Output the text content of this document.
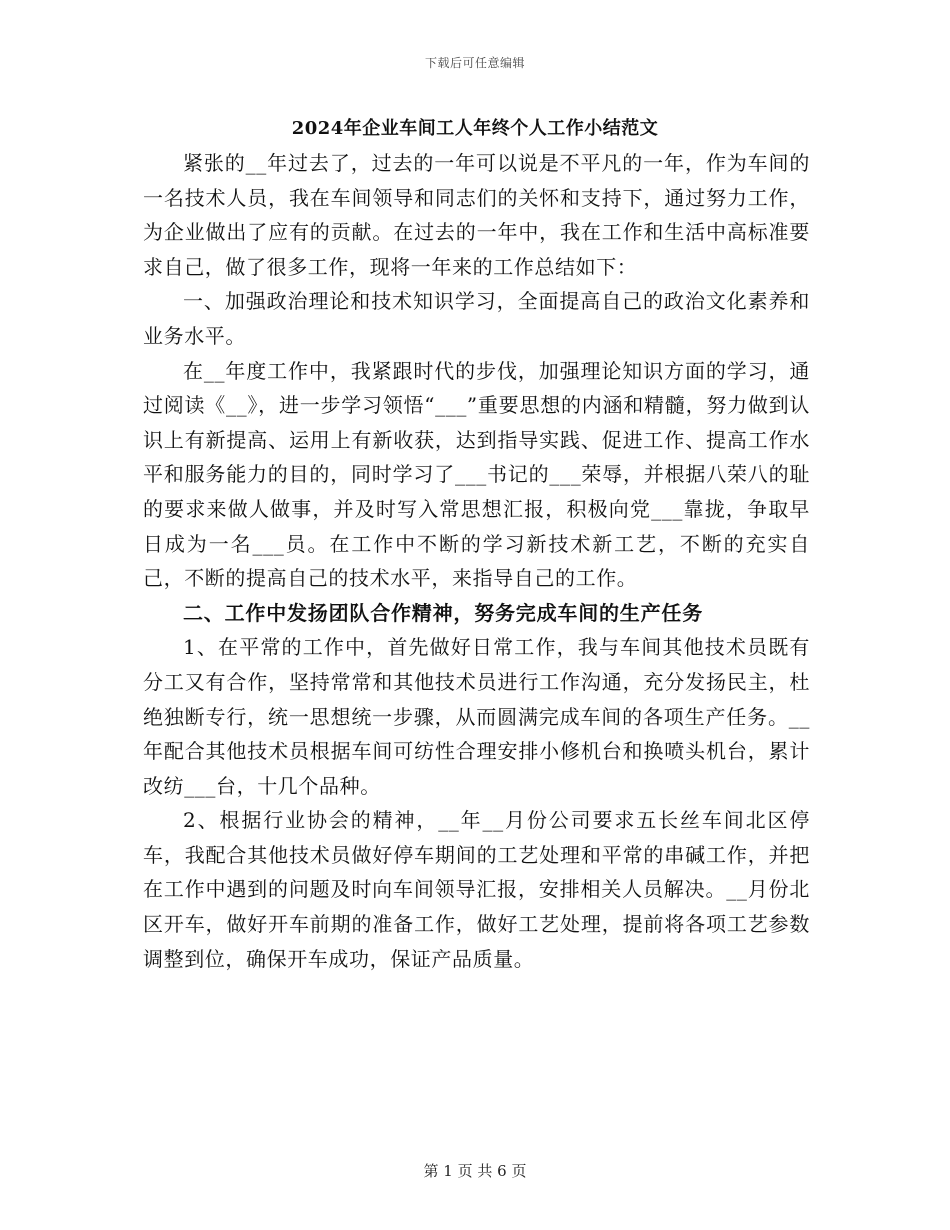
下载后可任意编辑
2024年企业车间工人年终个人工作小结范文

紧张的__年过去了，过去的一年可以说是不平凡的一年，作为车间的一名技术人员，我在车间领导和同志们的关怀和支持下，通过努力工作，为企业做出了应有的贡献。在过去的一年中，我在工作和生活中高标准要求自己，做了很多工作，现将一年来的工作总结如下：

一、加强政治理论和技术知识学习，全面提高自己的政治文化素养和业务水平。

在__年度工作中，我紧跟时代的步伐，加强理论知识方面的学习，通过阅读《__》，进一步学习领悟“___”重要思想的内涵和精髓，努力做到认识上有新提高、运用上有新收获，达到指导实践、促进工作、提高工作水平和服务能力的目的，同时学习了___书记的___荣辱，并根据八荣八的耻的要求来做人做事，并及时写入常思想汇报，积极向党___靠拢，争取早日成为一名___员。在工作中不断的学习新技术新工艺，不断的充实自己，不断的提高自己的技术水平，来指导自己的工作。

二、工作中发扬团队合作精神，努务完成车间的生产任务

1、在平常的工作中，首先做好日常工作，我与车间其他技术员既有分工又有合作，坚持常常和其他技术员进行工作沟通，充分发扬民主，杜绝独断专行，统一思想统一步骤，从而圆满完成车间的各项生产任务。__年配合其他技术员根据车间可纺性合理安排小修机台和换喷头机台，累计改纺___台，十几个品种。

2、根据行业协会的精神，__年__月份公司要求五长丝车间北区停车，我配合其他技术员做好停车期间的工艺处理和平常的串碱工作，并把在工作中遇到的问题及时向车间领导汇报，安排相关人员解决。__月份北区开车，做好开车前期的准备工作，做好工艺处理，提前将各项工艺参数调整到位，确保开车成功，保证产品质量。

第 1 页 共 6 页
